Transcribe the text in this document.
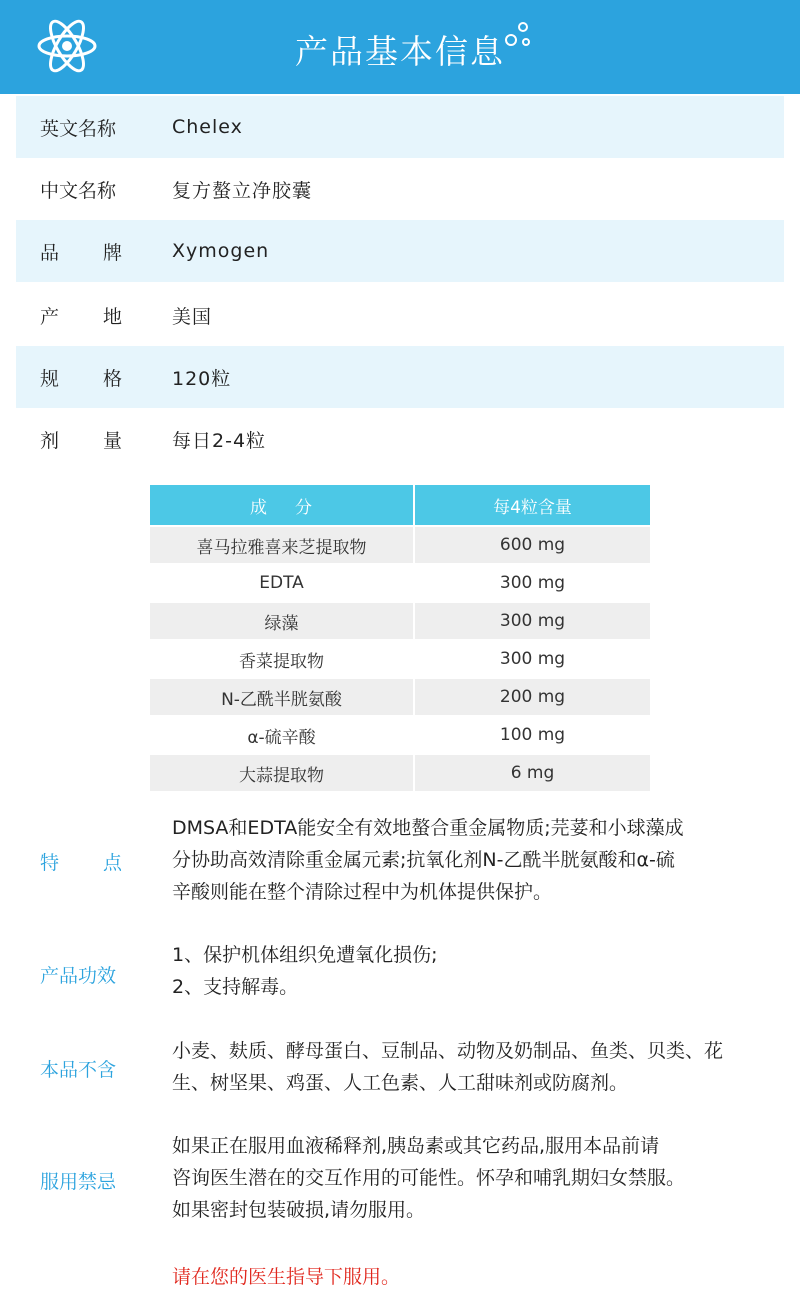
产品基本信息
英文名称	Chelex
中文名称	复方螯立净胶囊
品 牌	Xymogen
产 地	美国
规 格	120粒
剂 量	每日2-4粒
成分	每4粒含量
喜马拉雅喜来芝提取物	600 mg
EDTA	300 mg
绿藻	300 mg
香菜提取物	300 mg
N-乙酰半胱氨酸	200 mg
α-硫辛酸	100 mg
大蒜提取物	6 mg
特 点

DMSA和EDTA能安全有效地螯合重金属物质;芫荽和小球藻成

分协助高效清除重金属元素;抗氧化剂N-乙酰半胱氨酸和α-硫

辛酸则能在整个清除过程中为机体提供保护。

产品功效

1、保护机体组织免遭氧化损伤;

2、支持解毒。

本品不含

小麦、麸质、酵母蛋白、豆制品、动物及奶制品、鱼类、贝类、花

生、树坚果、鸡蛋、人工色素、人工甜味剂或防腐剂。

服用禁忌

如果正在服用血液稀释剂,胰岛素或其它药品,服用本品前请

咨询医生潜在的交互作用的可能性。怀孕和哺乳期妇女禁服。

如果密封包装破损,请勿服用。

请在您的医生指导下服用。
